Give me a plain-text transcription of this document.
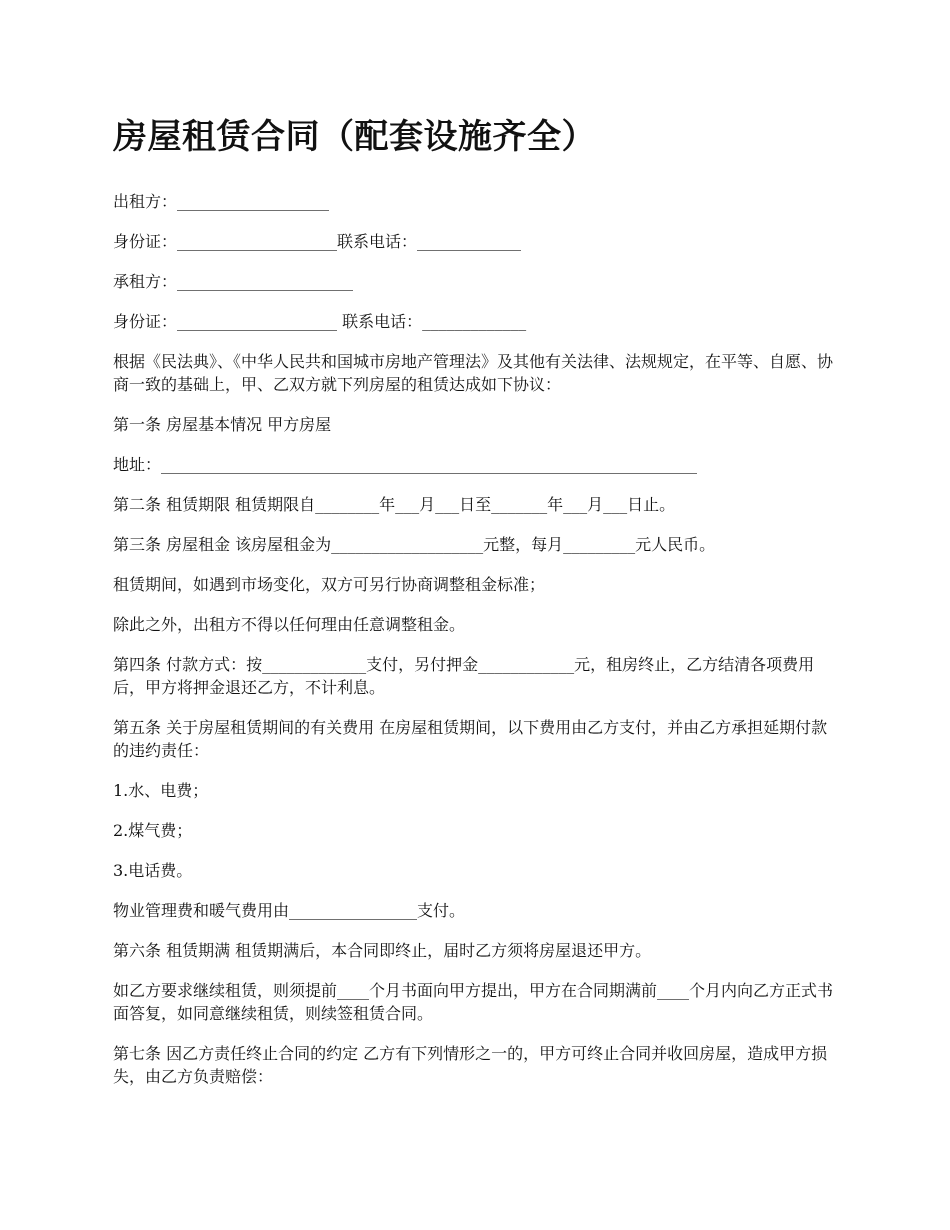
房屋租赁合同（配套设施齐全）

出租方：___________________

身份证：____________________联系电话：_____________

承租方：______________________

身份证：____________________ 联系电话：_____________

根据《民法典》、《中华人民共和国城市房地产管理法》及其他有关法律、法规规定，在平等、自愿、协商一致的基础上，甲、乙双方就下列房屋的租赁达成如下协议：

第一条 房屋基本情况 甲方房屋

地址：___________________________________________________________________

第二条 租赁期限 租赁期限自________年___月___日至_______年___月___日止。

第三条 房屋租金 该房屋租金为___________________元整，每月_________元人民币。

租赁期间，如遇到市场变化，双方可另行协商调整租金标准；

除此之外，出租方不得以任何理由任意调整租金。

第四条 付款方式：按_____________支付，另付押金____________元，租房终止，乙方结清各项费用后，甲方将押金退还乙方，不计利息。

第五条 关于房屋租赁期间的有关费用 在房屋租赁期间，以下费用由乙方支付，并由乙方承担延期付款的违约责任：

1.水、电费；

2.煤气费；

3.电话费。

物业管理费和暖气费用由________________支付。

第六条 租赁期满 租赁期满后，本合同即终止，届时乙方须将房屋退还甲方。

如乙方要求继续租赁，则须提前____个月书面向甲方提出，甲方在合同期满前____个月内向乙方正式书面答复，如同意继续租赁，则续签租赁合同。

第七条 因乙方责任终止合同的约定 乙方有下列情形之一的，甲方可终止合同并收回房屋，造成甲方损失，由乙方负责赔偿：
